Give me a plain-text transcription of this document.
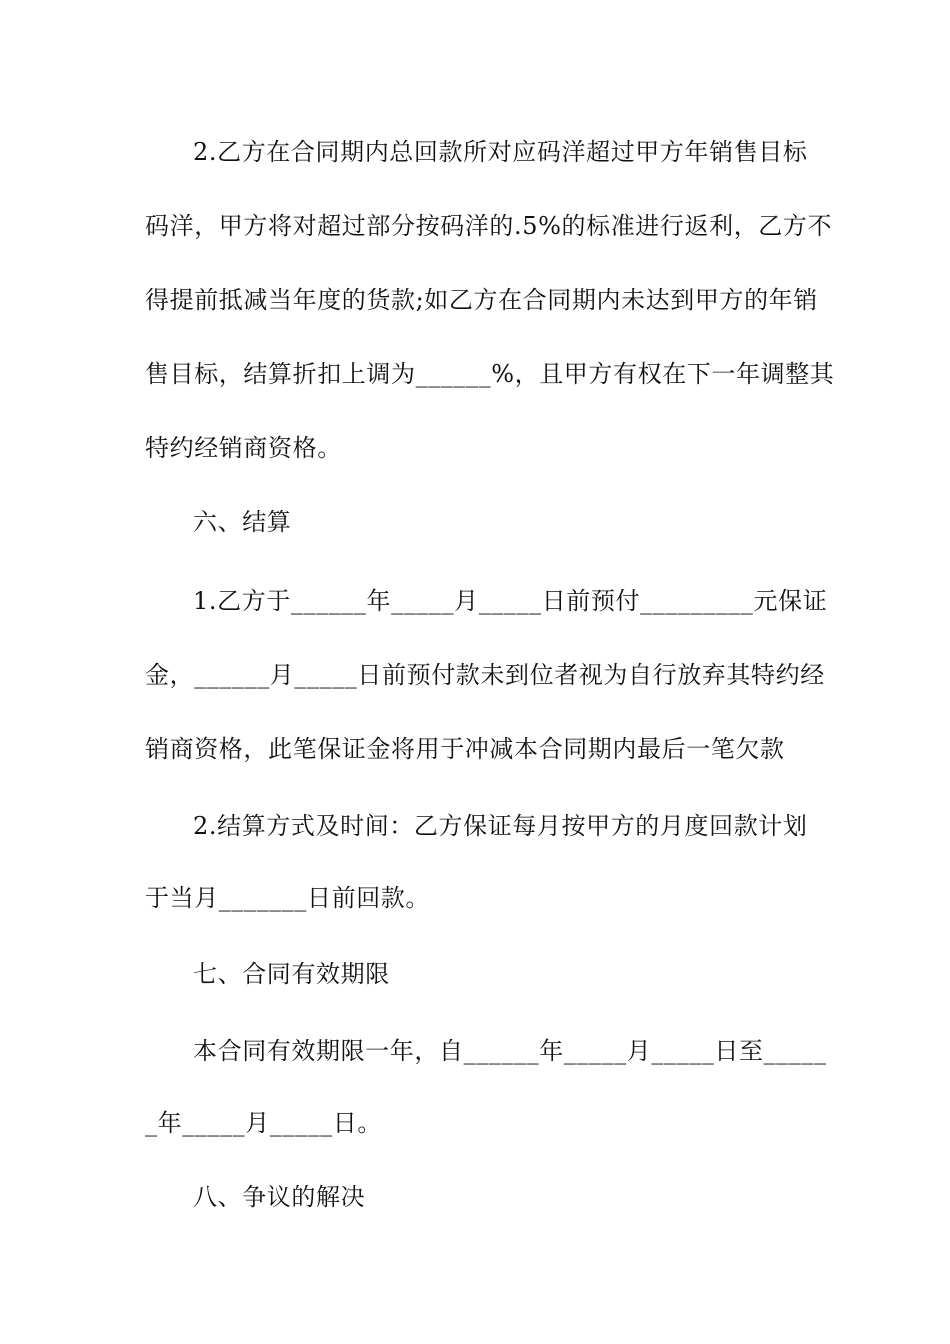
2.乙方在合同期内总回款所对应码洋超过甲方年销售目标
码洋，甲方将对超过部分按码洋的.5%的标准进行返利，乙方不
得提前抵减当年度的货款;如乙方在合同期内未达到甲方的年销
售目标，结算折扣上调为______%，且甲方有权在下一年调整其
特约经销商资格。
六、结算
1.乙方于______年_____月_____日前预付_________元保证
金，______月_____日前预付款未到位者视为自行放弃其特约经
销商资格，此笔保证金将用于冲减本合同期内最后一笔欠款
2.结算方式及时间：乙方保证每月按甲方的月度回款计划
于当月_______日前回款。
七、合同有效期限
本合同有效期限一年，自______年_____月_____日至_____
_年_____月_____日。
八、争议的解决
